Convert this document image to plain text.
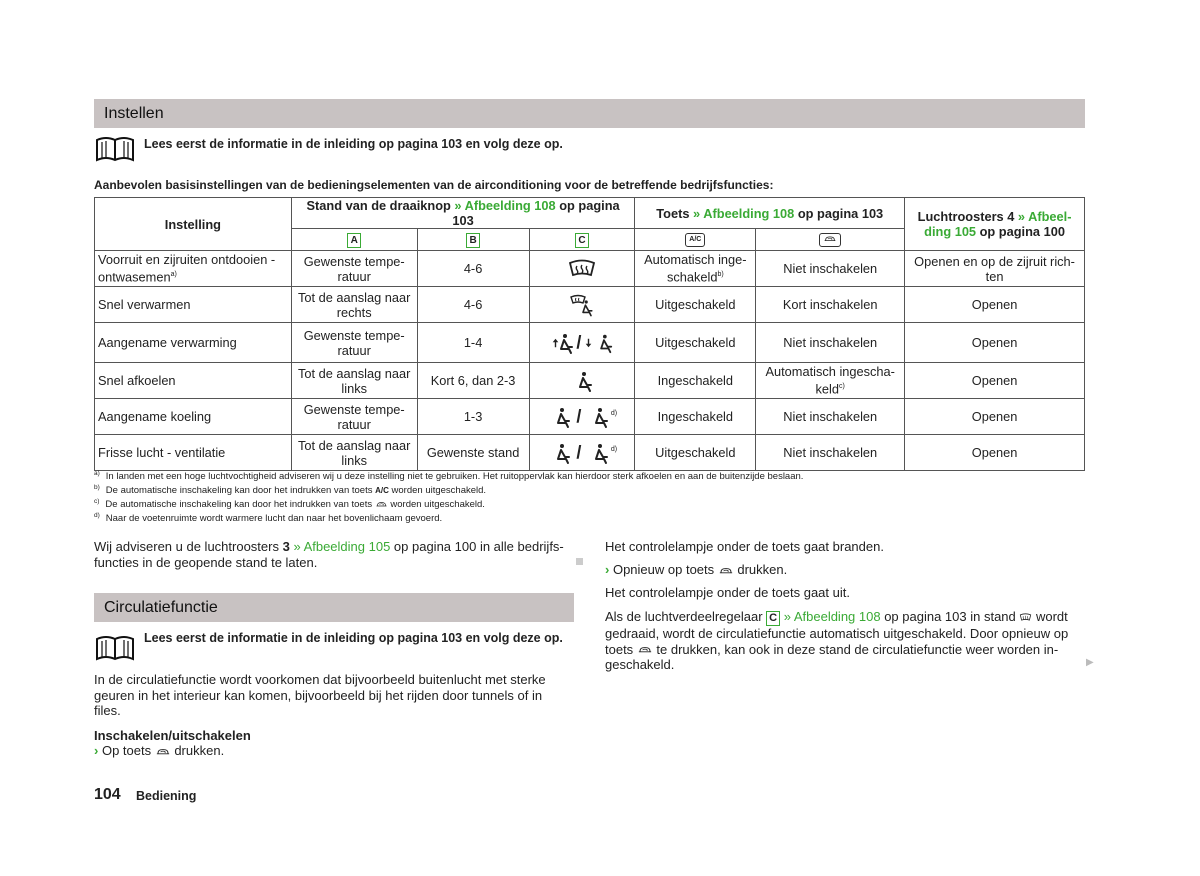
Instellen
Lees eerst de informatie in de inleiding op pagina 103 en volg deze op.
Aanbevolen basisinstellingen van de bedieningselementen van de airconditioning voor de betreffende bedrijfsfuncties:
Instelling	Stand van de draaiknop » Afbeelding 108 op pagina 103			Toets » Afbeelding 108 op pagina 103		Luchtroosters 4 » Afbeel-
ding 105 op pagina 100
	A	B	C	A/C	
Voorruit en zijruiten ontdooien - ontwasemen$^{a)}$	Gewenste tempe-ratuur	4-6		Automatisch inge-schakeld$^{b)}$	Niet inschakelen	Openen en op de zijruit rich-ten
Snel verwarmen	Tot de aanslag naar rechts	4-6		Uitgeschakeld	Kort inschakelen	Openen
Aangename verwarming	Gewenste tempe-ratuur	1-4	/	Uitgeschakeld	Niet inschakelen	Openen
Snel afkoelen	Tot de aanslag naar links	Kort 6, dan 2-3		Ingeschakeld	Automatisch ingescha-keld$^{c)}$	Openen
Aangename koeling	Gewenste tempe-ratuur	1-3	/ $^{d)}$	Ingeschakeld	Niet inschakelen	Openen
Frisse lucht - ventilatie	Tot de aanslag naar links	Gewenste stand	/ $^{d)}$	Uitgeschakeld	Niet inschakelen	Openen
$^{a)}$ In landen met een hoge luchtvochtigheid adviseren wij u deze instelling niet te gebruiken. Het ruitoppervlak kan hierdoor sterk afkoelen en aan de buitenzijde beslaan.
$^{b)}$ De automatische inschakeling kan door het indrukken van toets A/C worden uitgeschakeld.
$^{c)}$ De automatische inschakeling kan door het indrukken van toets  worden uitgeschakeld.
$^{d)}$ Naar de voetenruimte wordt warmere lucht dan naar het bovenlichaam gevoerd.
Wij adviseren u de luchtroosters 3 » Afbeelding 105 op pagina 100 in alle bedrijfs-
functies in de geopende stand te laten.
Circulatiefunctie
Lees eerst de informatie in de inleiding op pagina 103 en volg deze op.
In de circulatiefunctie wordt voorkomen dat bijvoorbeeld buitenlucht met sterke
geuren in het interieur kan komen, bijvoorbeeld bij het rijden door tunnels of in
files.
Inschakelen/uitschakelen
› Op toets  drukken.
Het controlelampje onder de toets gaat branden.
› Opnieuw op toets  drukken.
Het controlelampje onder de toets gaat uit.
Als de luchtverdeelregelaar C » Afbeelding 108 op pagina 103 in stand  wordt
gedraaid, wordt de circulatiefunctie automatisch uitgeschakeld. Door opnieuw op
toets  te drukken, kan ook in deze stand de circulatiefunctie weer worden in-
geschakeld.	▶
104 Bediening
